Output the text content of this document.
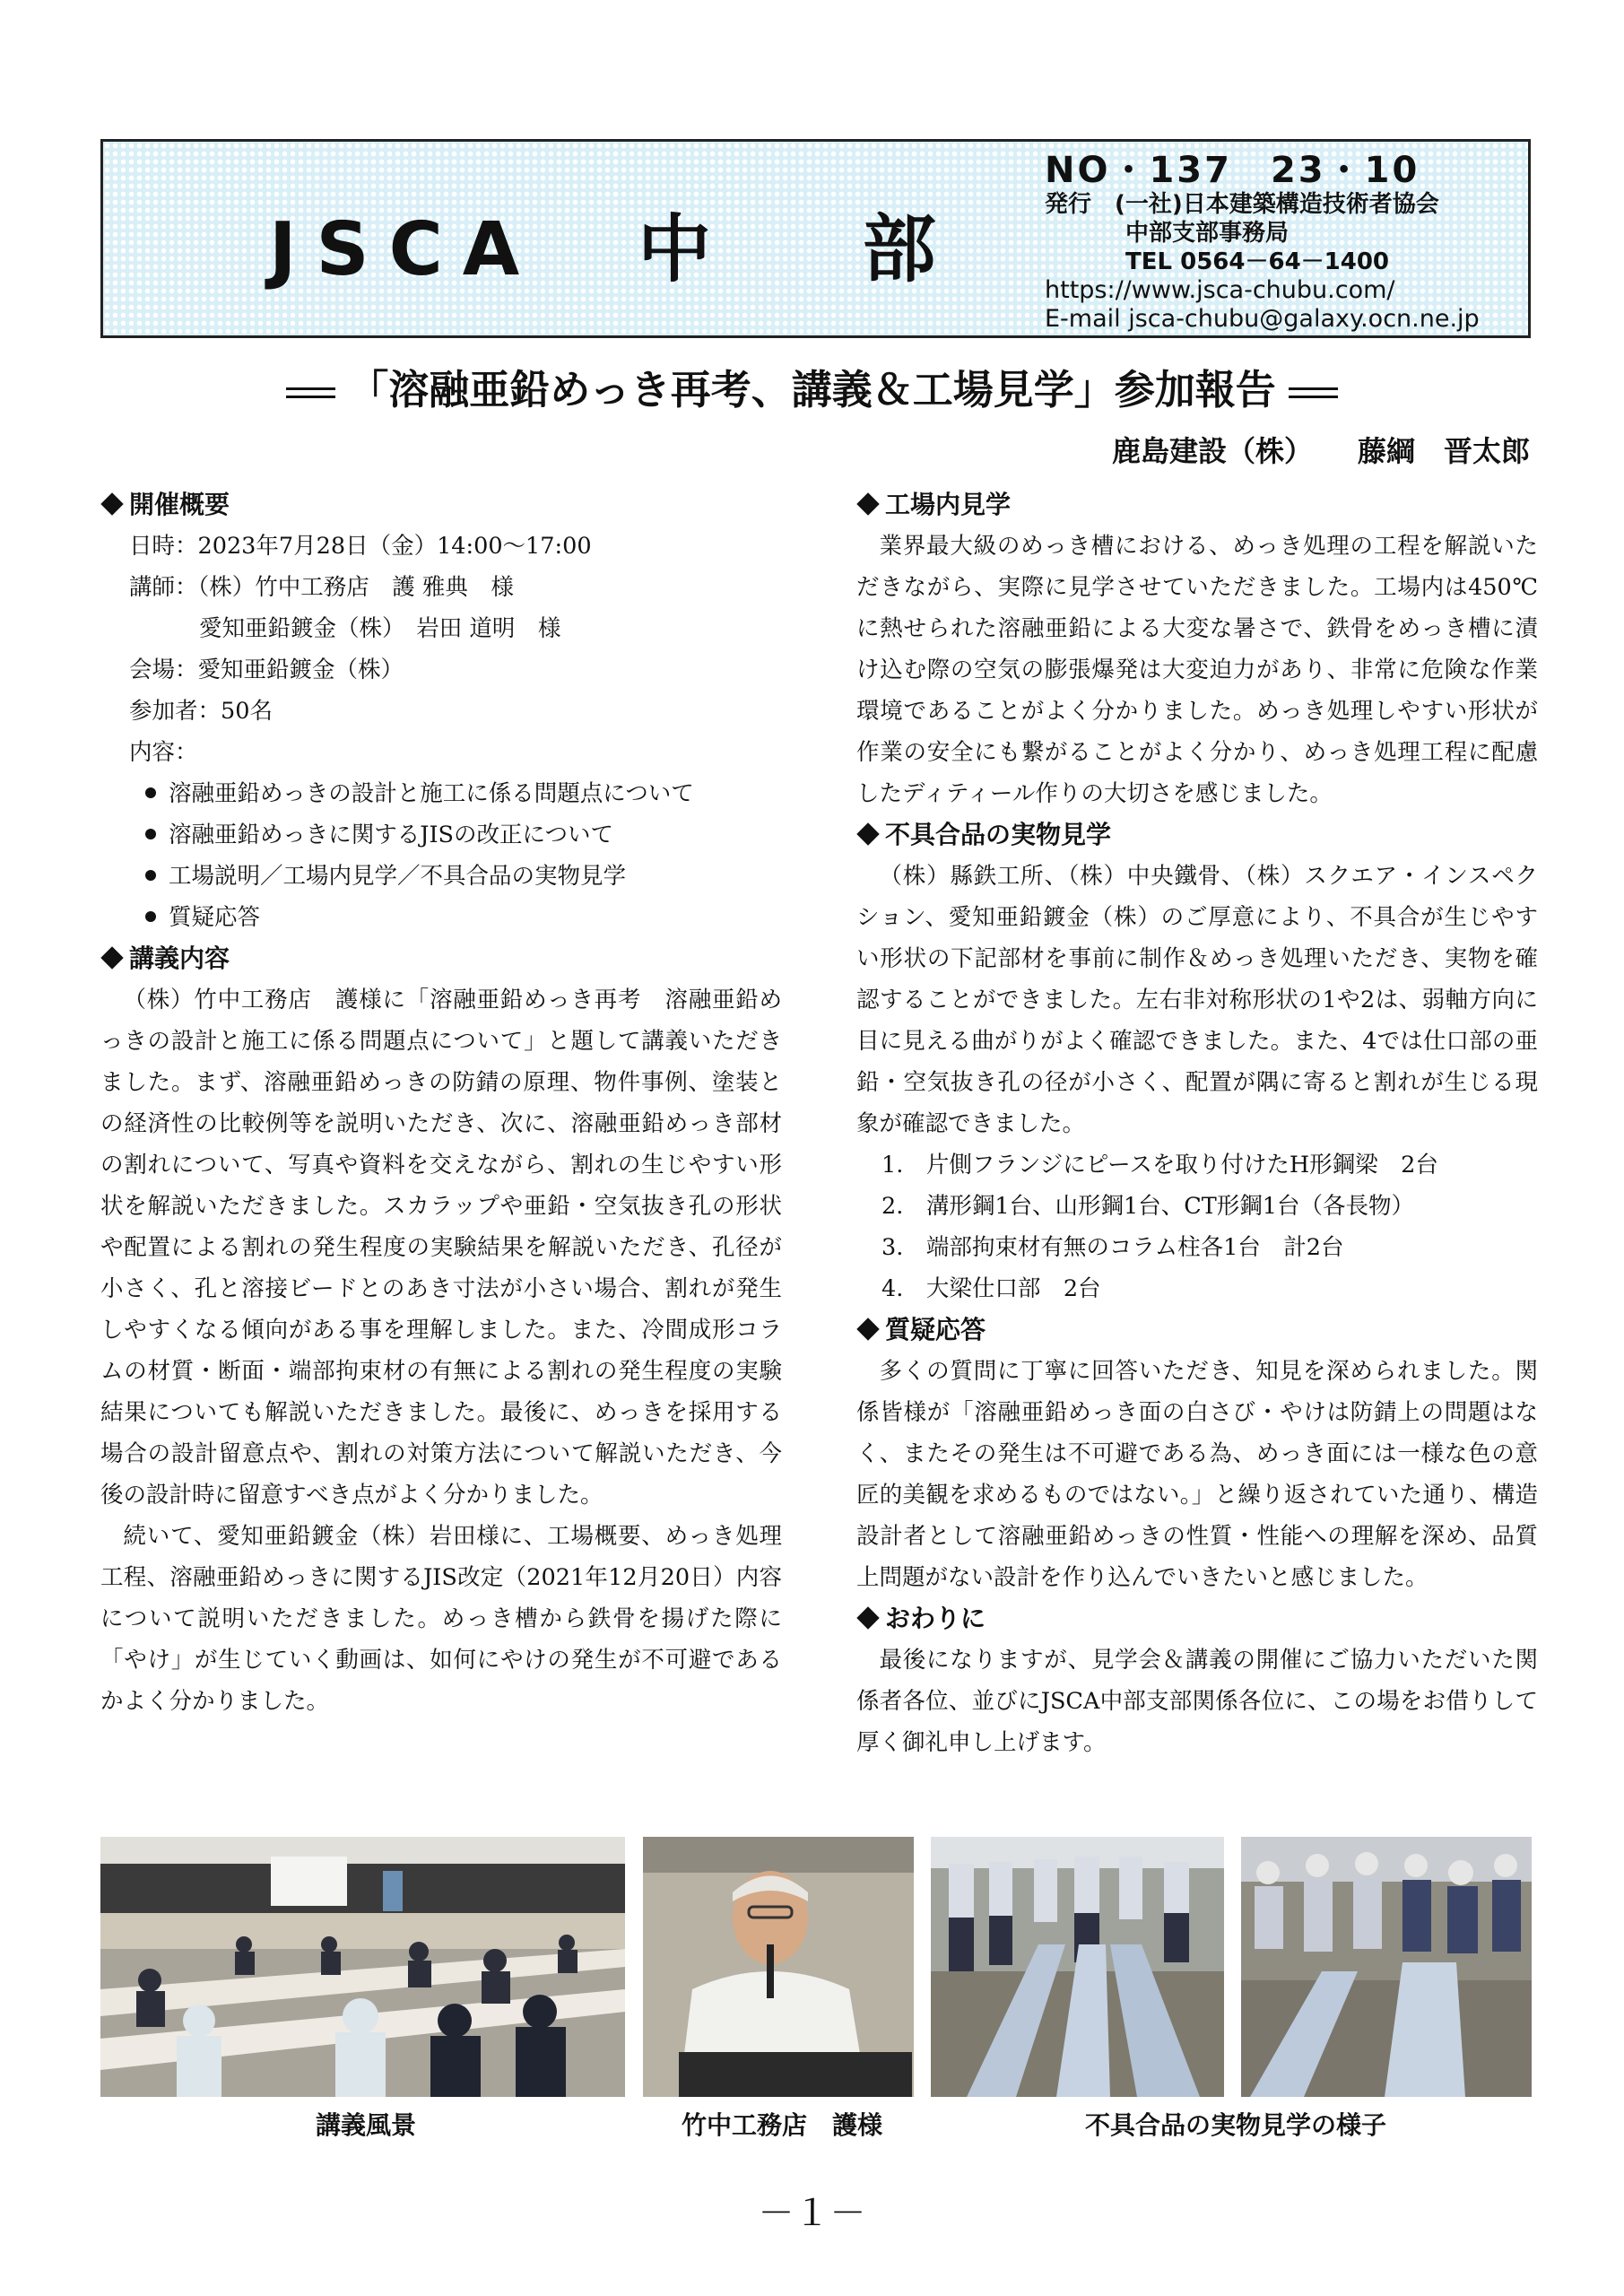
JSCA 中 部
NO・137　23・10
発行　 (一社)日本建築構造技術者協会
中部支部事務局
TEL 0564－64－1400
https://www.jsca-chubu.com/
E-mail jsca-chubu@galaxy.ocn.ne.jp
「溶融亜鉛めっき再考、講義＆工場見学」参加報告
鹿島建設（株） 藤綱　晋太郎
開催概要
日時：2023年7月28日（金）14:00～17:00
講師：（株）竹中工務店　護 雅典　様
愛知亜鉛鍍金（株）　岩田 道明　様
会場：愛知亜鉛鍍金（株）
参加者：50名
内容：
溶融亜鉛めっきの設計と施工に係る問題点について
溶融亜鉛めっきに関するJISの改正について
工場説明／工場内見学／不具合品の実物見学
質疑応答
講義内容

（株）竹中工務店　護様に「溶融亜鉛めっき再考　溶融亜鉛めっきの設計と施工に係る問題点について」と題して講義いただきました。まず、溶融亜鉛めっきの防錆の原理、物件事例、塗装との経済性の比較例等を説明いただき、次に、溶融亜鉛めっき部材の割れについて、写真や資料を交えながら、割れの生じやすい形状を解説いただきました。スカラップや亜鉛・空気抜き孔の形状や配置による割れの発生程度の実験結果を解説いただき、孔径が小さく、孔と溶接ビードとのあき寸法が小さい場合、割れが発生しやすくなる傾向がある事を理解しました。また、冷間成形コラムの材質・断面・端部拘束材の有無による割れの発生程度の実験結果についても解説いただきました。最後に、めっきを採用する場合の設計留意点や、割れの対策方法について解説いただき、今後の設計時に留意すべき点がよく分かりました。

続いて、愛知亜鉛鍍金（株）岩田様に、工場概要、めっき処理工程、溶融亜鉛めっきに関するJIS改定（2021年12月20日）内容について説明いただきました。めっき槽から鉄骨を揚げた際に「やけ」が生じていく動画は、如何にやけの発生が不可避であるかよく分かりました。

工場内見学

業界最大級のめっき槽における、めっき処理の工程を解説いただきながら、実際に見学させていただきました。工場内は450℃に熱せられた溶融亜鉛による大変な暑さで、鉄骨をめっき槽に漬け込む際の空気の膨張爆発は大変迫力があり、非常に危険な作業環境であることがよく分かりました。めっき処理しやすい形状が作業の安全にも繋がることがよく分かり、めっき処理工程に配慮したディティール作りの大切さを感じました。

不具合品の実物見学

（株）縣鉄工所、（株）中央鐵骨、（株）スクエア・インスペクション、愛知亜鉛鍍金（株）のご厚意により、不具合が生じやすい形状の下記部材を事前に制作＆めっき処理いただき、実物を確認することができました。左右非対称形状の1や2は、弱軸方向に目に見える曲がりがよく確認できました。また、4では仕口部の亜鉛・空気抜き孔の径が小さく、配置が隅に寄ると割れが生じる現象が確認できました。

1.　片側フランジにピースを取り付けたH形鋼梁　2台
2.　溝形鋼1台、山形鋼1台、CT形鋼1台（各長物）
3.　端部拘束材有無のコラム柱各1台　計2台
4.　大梁仕口部　2台
質疑応答

多くの質問に丁寧に回答いただき、知見を深められました。関係皆様が「溶融亜鉛めっき面の白さび・やけは防錆上の問題はなく、またその発生は不可避である為、めっき面には一様な色の意匠的美観を求めるものではない。」と繰り返されていた通り、構造設計者として溶融亜鉛めっきの性質・性能への理解を深め、品質上問題がない設計を作り込んでいきたいと感じました。

おわりに

最後になりますが、見学会＆講義の開催にご協力いただいた関係者各位、並びにJSCA中部支部関係各位に、この場をお借りして厚く御礼申し上げます。

講義風景	竹中工務店　護様	不具合品の実物見学の様子
－１－
